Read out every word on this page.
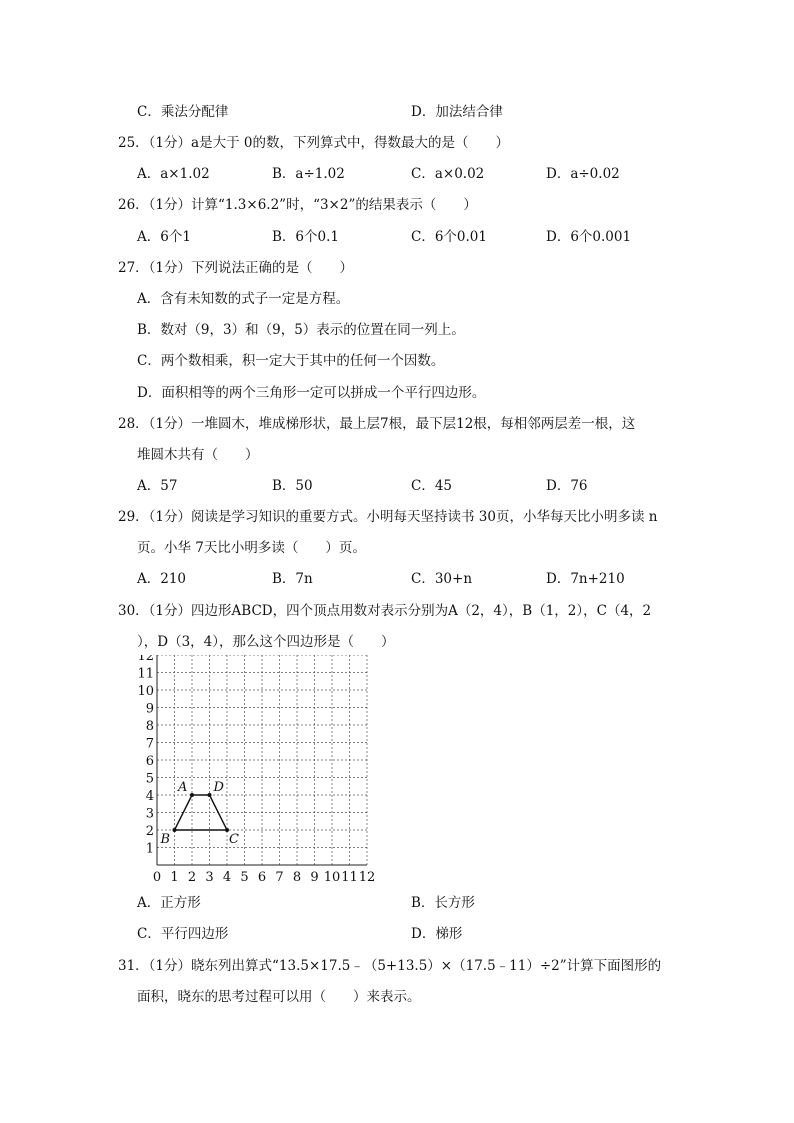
C．乘法分配律	D．加法结合律
25．（1分）a是大于 0的数，下列算式中，得数最大的是（　　）
A．a×1.02	B．a÷1.02	C．a×0.02	D．a÷0.02
26．（1分）计算“1.3×6.2”时，“3×2”的结果表示（　　）
A．6个1	B．6个0.1	C．6个0.01	D．6个0.001
27．（1分）下列说法正确的是（　　）
A．含有未知数的式子一定是方程。
B．数对（9，3）和（9，5）表示的位置在同一列上。
C．两个数相乘，积一定大于其中的任何一个因数。
D．面积相等的两个三角形一定可以拼成一个平行四边形。
28．（1分）一堆圆木，堆成梯形状，最上层7根，最下层12根，每相邻两层差一根，这
堆圆木共有（　　）
A．57	B．50	C．45	D．76
29．（1分）阅读是学习知识的重要方式。小明每天坚持读书 30页，小华每天比小明多读 n
页。小华 7天比小明多读（　　）页。
A．210	B．7n	C．30+n	D．7n+210
30．（1分）四边形ABCD，四个顶点用数对表示分别为A（2，4），B（1，2），C（4，2
），D（3，4），那么这个四边形是（　　）
0 1 2 3 4 5 6 7 8 9 10 11 12
1
2
3
4
5
6
7
8
9
10
11
12
A
B	C
D
A．正方形	B．长方形
C．平行四边形	D．梯形
31．（1分）晓东列出算式“13.5×17.5﹣（5+13.5）×（17.5﹣11）÷2”计算下面图形的
面积，晓东的思考过程可以用（　　）来表示。
